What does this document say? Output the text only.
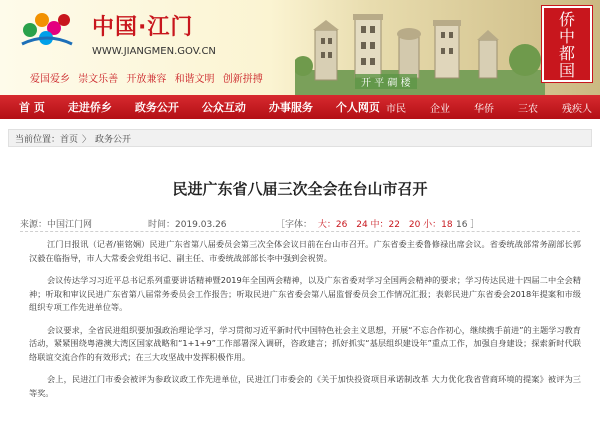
中国·江门
WWW.JIANGMEN.GOV.CN
爱国爱乡 崇文乐善 开放兼容 和谐文明 创新拼搏	开 平 碉 楼
侨中都国
首 页 走进侨乡 政务公开 公众互动 办事服务 个人网页 市民 企业 华侨 三农 残疾人
当前位置： 首页 〉 政务公开
民进广东省八届三次全会在台山市召开
来源：中国江门网	时间：2019.03.26	［字体： 大：26 24 中：22 20 小：18 16 ］

江门日报讯（记者/崔铭娴）民进广东省第八届委员会第三次全体会议日前在台山市召开。广东省委主委鲁修禄出席会议。省委统战部常务副部长郭汉毅在临指导，市人大常委会党组书记、副主任、市委统战部部长李中强到会祝贺。

会议传达学习习近平总书记系列重要讲话精神暨2019年全国两会精神，以及广东省委对学习全国两会精神的要求；学习传达民进十四届二中全会精神；听取和审议民进广东省第八届常务委员会工作报告；听取民进广东省委会第八届监督委员会工作情况汇报；表彰民进广东省委会2018年提案和市级组织专项工作先进单位等。

会议要求，全省民进组织要加强政治理论学习，学习贯彻习近平新时代中国特色社会主义思想，开展“不忘合作初心，继续携手前进”的主题学习教育活动，紧紧围绕粤港澳大湾区国家战略和“1+1+9”工作部署深入调研，咨政建言；抓好抓实“基层组织建设年”重点工作，加强自身建设；探索新时代联络联谊交流合作的有效形式；在三大攻坚战中发挥积极作用。

会上，民进江门市委会被评为参政议政工作先进单位，民进江门市委会的《关于加快投资项目承诺制改革 大力优化我省营商环境的提案》被评为三等奖。
